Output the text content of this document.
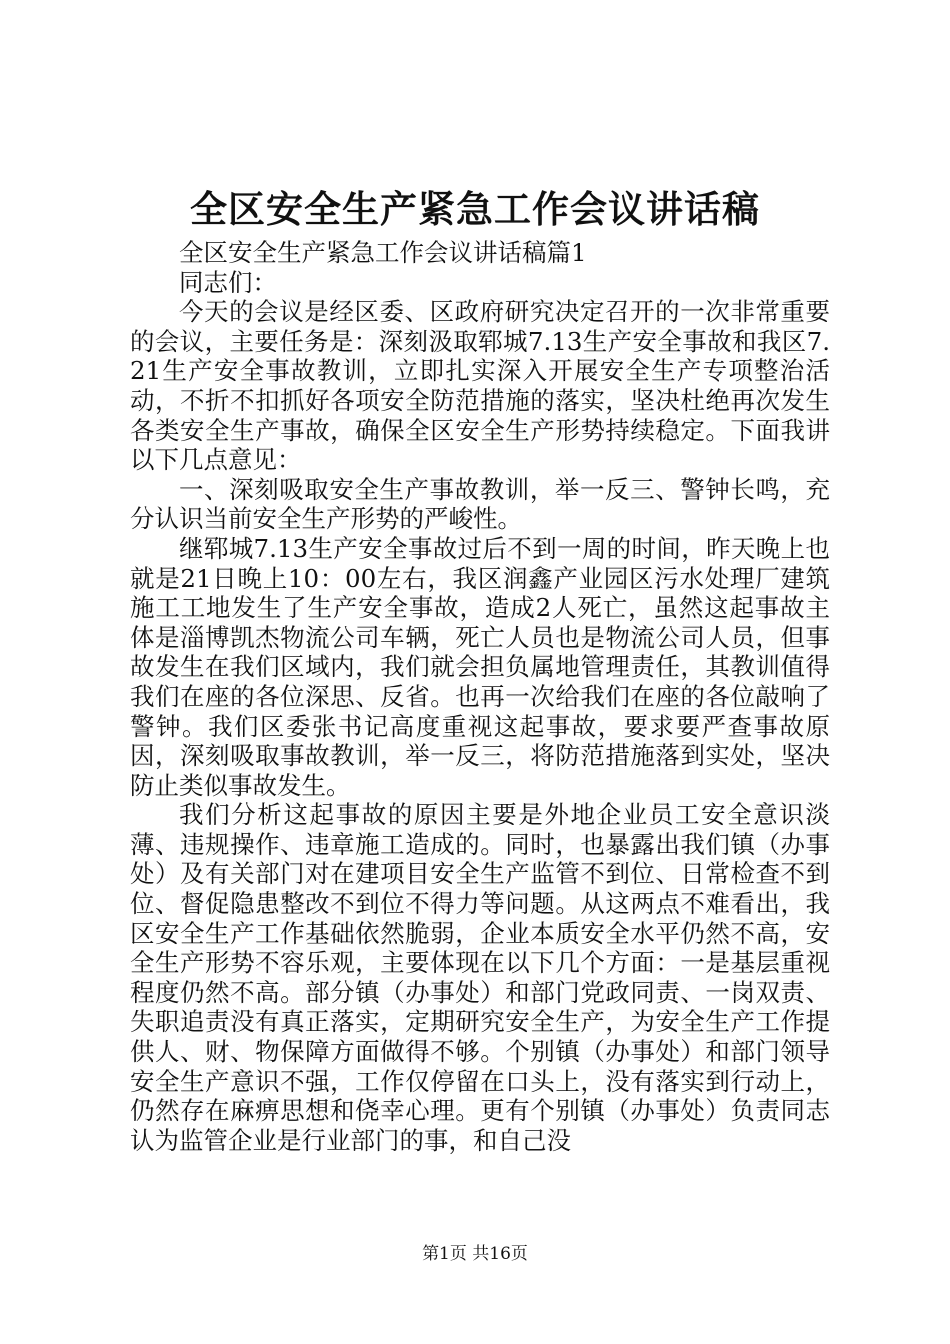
全区安全生产紧急工作会议讲话稿

全区安全生产紧急工作会议讲话稿篇1

同志们：

今天的会议是经区委、区政府研究决定召开的一次非常重要的会议，主要任务是：深刻汲取郓城7.13生产安全事故和我区7.21生产安全事故教训，立即扎实深入开展安全生产专项整治活动，不折不扣抓好各项安全防范措施的落实，坚决杜绝再次发生各类安全生产事故，确保全区安全生产形势持续稳定。下面我讲以下几点意见：

一、深刻吸取安全生产事故教训，举一反三、警钟长鸣，充分认识当前安全生产形势的严峻性。

继郓城7.13生产安全事故过后不到一周的时间，昨天晚上也就是21日晚上10：00左右，我区润鑫产业园区污水处理厂建筑施工工地发生了生产安全事故，造成2人死亡，虽然这起事故主体是淄博凯杰物流公司车辆，死亡人员也是物流公司人员，但事故发生在我们区域内，我们就会担负属地管理责任，其教训值得我们在座的各位深思、反省。也再一次给我们在座的各位敲响了警钟。我们区委张书记高度重视这起事故，要求要严查事故原因，深刻吸取事故教训，举一反三，将防范措施落到实处，坚决防止类似事故发生。

我们分析这起事故的原因主要是外地企业员工安全意识淡薄、违规操作、违章施工造成的。同时，也暴露出我们镇（办事处）及有关部门对在建项目安全生产监管不到位、日常检查不到位、督促隐患整改不到位不得力等问题。从这两点不难看出，我区安全生产工作基础依然脆弱，企业本质安全水平仍然不高，安全生产形势不容乐观，主要体现在以下几个方面：一是基层重视程度仍然不高。部分镇（办事处）和部门党政同责、一岗双责、失职追责没有真正落实，定期研究安全生产，为安全生产工作提供人、财、物保障方面做得不够。个别镇（办事处）和部门领导安全生产意识不强，工作仅停留在口头上，没有落实到行动上，仍然存在麻痹思想和侥幸心理。更有个别镇（办事处）负责同志认为监管企业是行业部门的事，和自己没

第1页 共16页
